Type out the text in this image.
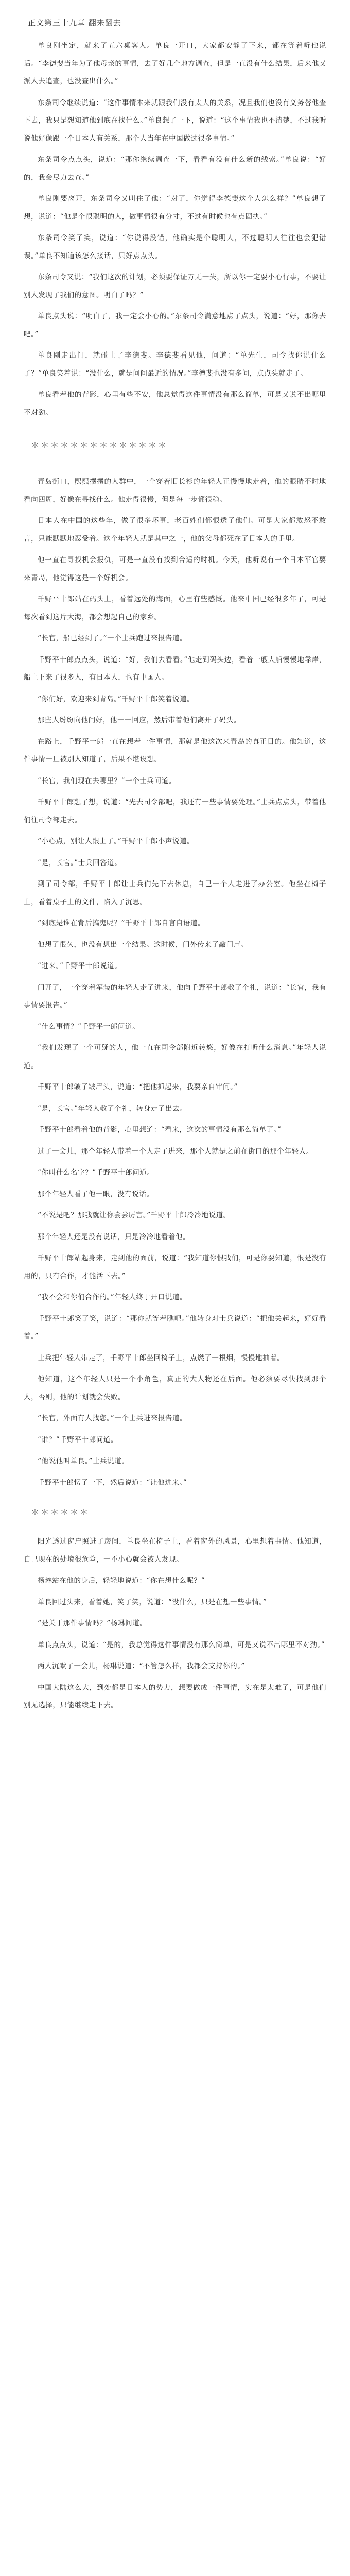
正文第三十九章 翻来翻去

单良刚坐定，就来了五六桌客人。单良一开口，大家都安静了下来，都在等着听他说话。“李德斐当年为了他母亲的事情，去了好几个地方调查，但是一直没有什么结果，后来他又派人去追查，也没查出什么。”

东条司令继续说道：“这件事情本来就跟我们没有太大的关系，况且我们也没有义务替他查下去，我只是想知道他到底在找什么。”单良想了一下，说道：“这个事情我也不清楚，不过我听说他好像跟一个日本人有关系，那个人当年在中国做过很多事情。”

东条司令点点头，说道：“那你继续调查一下，看看有没有什么新的线索。”单良说：“好的，我会尽力去查。”

单良刚要离开，东条司令又叫住了他：“对了，你觉得李德斐这个人怎么样？”单良想了想，说道：“他是个很聪明的人，做事情很有分寸，不过有时候也有点固执。”

东条司令笑了笑，说道：“你说得没错，他确实是个聪明人，不过聪明人往往也会犯错误。”单良不知道该怎么接话，只好点点头。

东条司令又说：“我们这次的计划，必须要保证万无一失，所以你一定要小心行事，不要让别人发现了我们的意图。明白了吗？”

单良点头说：“明白了，我一定会小心的。”东条司令满意地点了点头，说道：“好，那你去吧。”

单良刚走出门，就碰上了李德斐。李德斐看见他，问道：“单先生，司令找你说什么了？”单良笑着说：“没什么，就是问问最近的情况。”李德斐也没有多问，点点头就走了。

单良看着他的背影，心里有些不安，他总觉得这件事情没有那么简单，可是又说不出哪里不对劲。

＊＊＊＊＊＊＊＊＊＊＊＊＊＊

青岛街口，熙熙攘攘的人群中，一个穿着旧长衫的年轻人正慢慢地走着，他的眼睛不时地看向四周，好像在寻找什么。他走得很慢，但是每一步都很稳。

日本人在中国的这些年，做了很多坏事，老百姓们都恨透了他们。可是大家都敢怒不敢言，只能默默地忍受着。这个年轻人就是其中之一，他的父母都死在了日本人的手里。

他一直在寻找机会报仇，可是一直没有找到合适的时机。今天，他听说有一个日本军官要来青岛，他觉得这是一个好机会。

千野平十郎站在码头上，看着远处的海面，心里有些感慨。他来中国已经很多年了，可是每次看到这片大海，都会想起自己的家乡。

“长官，船已经到了。”一个士兵跑过来报告道。

千野平十郎点点头，说道：“好，我们去看看。”他走到码头边，看着一艘大船慢慢地靠岸，船上下来了很多人，有日本人，也有中国人。

“你们好，欢迎来到青岛。”千野平十郎笑着说道。

那些人纷纷向他问好，他一一回应，然后带着他们离开了码头。

在路上，千野平十郎一直在想着一件事情，那就是他这次来青岛的真正目的。他知道，这件事情一旦被别人知道了，后果不堪设想。

“长官，我们现在去哪里？”一个士兵问道。

千野平十郎想了想，说道：“先去司令部吧，我还有一些事情要处理。”士兵点点头，带着他们往司令部走去。

“小心点，别让人跟上了。”千野平十郎小声说道。

“是，长官。”士兵回答道。

到了司令部，千野平十郎让士兵们先下去休息，自己一个人走进了办公室。他坐在椅子上，看着桌子上的文件，陷入了沉思。

“到底是谁在背后搞鬼呢？”千野平十郎自言自语道。

他想了很久，也没有想出一个结果。这时候，门外传来了敲门声。

“进来。”千野平十郎说道。

门开了，一个穿着军装的年轻人走了进来，他向千野平十郎敬了个礼，说道：“长官，我有事情要报告。”

“什么事情？”千野平十郎问道。

“我们发现了一个可疑的人，他一直在司令部附近转悠，好像在打听什么消息。”年轻人说道。

千野平十郎皱了皱眉头，说道：“把他抓起来，我要亲自审问。”

“是，长官。”年轻人敬了个礼，转身走了出去。

千野平十郎看着他的背影，心里想道：“看来，这次的事情没有那么简单了。”

过了一会儿，那个年轻人带着一个人走了进来，那个人就是之前在街口的那个年轻人。

“你叫什么名字？”千野平十郎问道。

那个年轻人看了他一眼，没有说话。

“不说是吧？那我就让你尝尝厉害。”千野平十郎冷冷地说道。

那个年轻人还是没有说话，只是冷冷地看着他。

千野平十郎站起身来，走到他的面前，说道：“我知道你恨我们，可是你要知道，恨是没有用的，只有合作，才能活下去。”

“我不会和你们合作的。”年轻人终于开口说道。

千野平十郎笑了笑，说道：“那你就等着瞧吧。”他转身对士兵说道：“把他关起来，好好看着。”

士兵把年轻人带走了，千野平十郎坐回椅子上，点燃了一根烟，慢慢地抽着。

他知道，这个年轻人只是一个小角色，真正的大人物还在后面。他必须要尽快找到那个人，否则，他的计划就会失败。

“长官，外面有人找您。”一个士兵进来报告道。

“谁？”千野平十郎问道。

“他说他叫单良。”士兵说道。

千野平十郎愣了一下，然后说道：“让他进来。”

＊＊＊＊＊＊

阳光透过窗户照进了房间，单良坐在椅子上，看着窗外的风景，心里想着事情。他知道，自己现在的处境很危险，一不小心就会被人发现。

杨琳站在他的身后，轻轻地说道：“你在想什么呢？”

单良回过头来，看着她，笑了笑，说道：“没什么，只是在想一些事情。”

“是关于那件事情吗？”杨琳问道。

单良点点头，说道：“是的，我总觉得这件事情没有那么简单，可是又说不出哪里不对劲。”

两人沉默了一会儿，杨琳说道：“不管怎么样，我都会支持你的。”

中国大陆这么大，到处都是日本人的势力，想要做成一件事情，实在是太难了，可是他们别无选择，只能继续走下去。
